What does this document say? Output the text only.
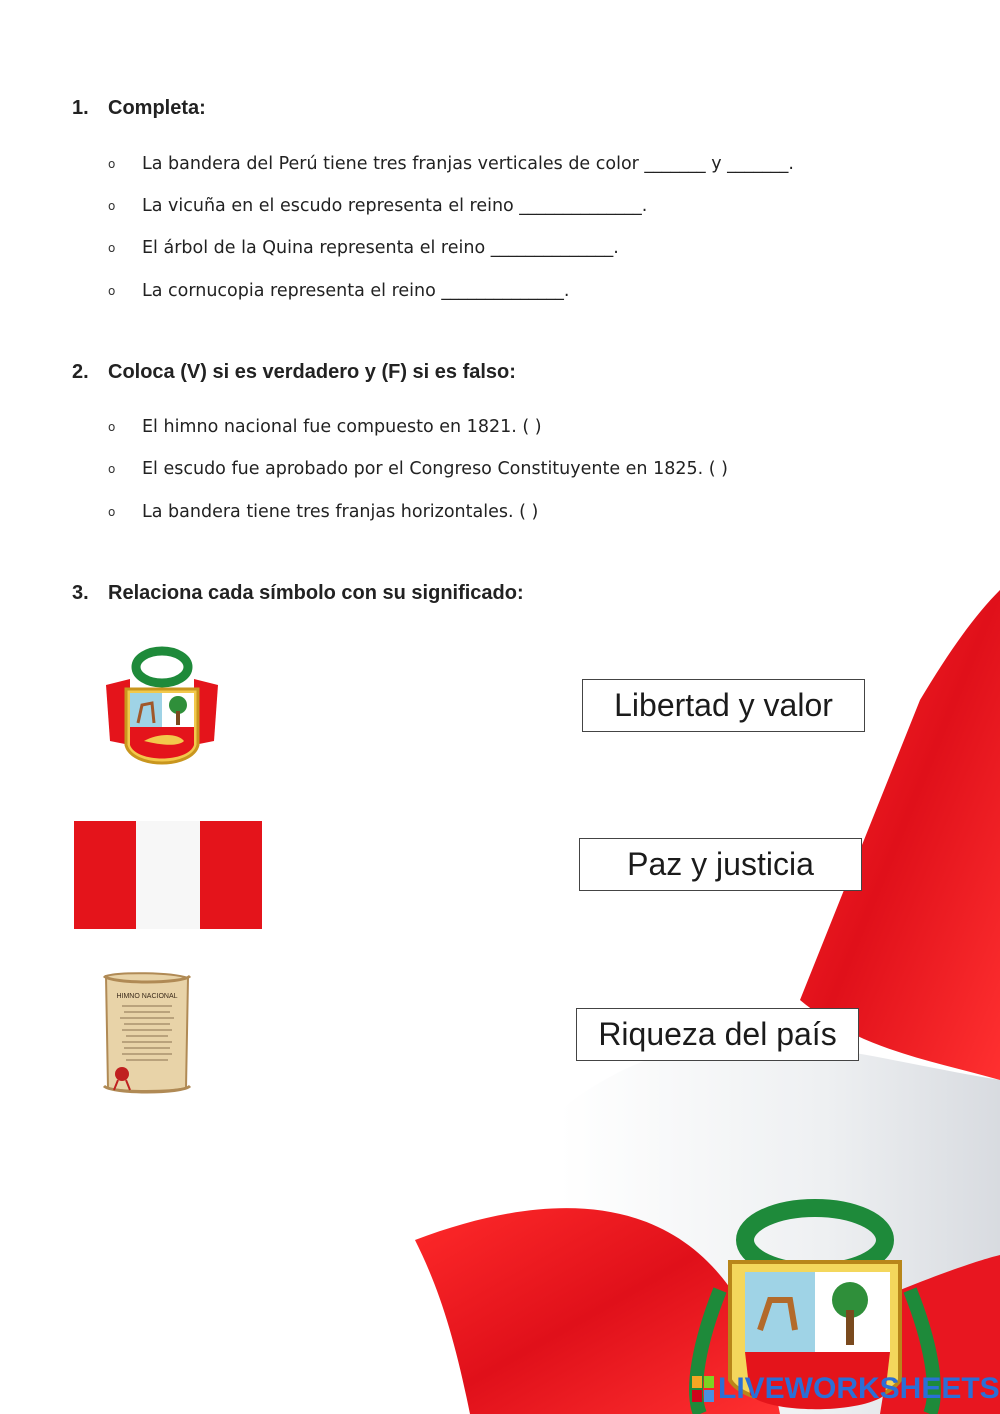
1. Completa:
o La bandera del Perú tiene tres franjas verticales de color _______ y _______.
o La vicuña en el escudo representa el reino ______________.
o El árbol de la Quina representa el reino ______________.
o La cornucopia representa el reino ______________.
2. Coloca (V) si es verdadero y (F) si es falso:
o El himno nacional fue compuesto en 1821. ( )
o El escudo fue aprobado por el Congreso Constituyente en 1825. ( )
o La bandera tiene tres franjas horizontales. ( )
3. Relaciona cada símbolo con su significado:
HIMNO NACIONAL
Libertad y valor
Paz y justicia
Riqueza del país
LIVEWORKSHEETS
